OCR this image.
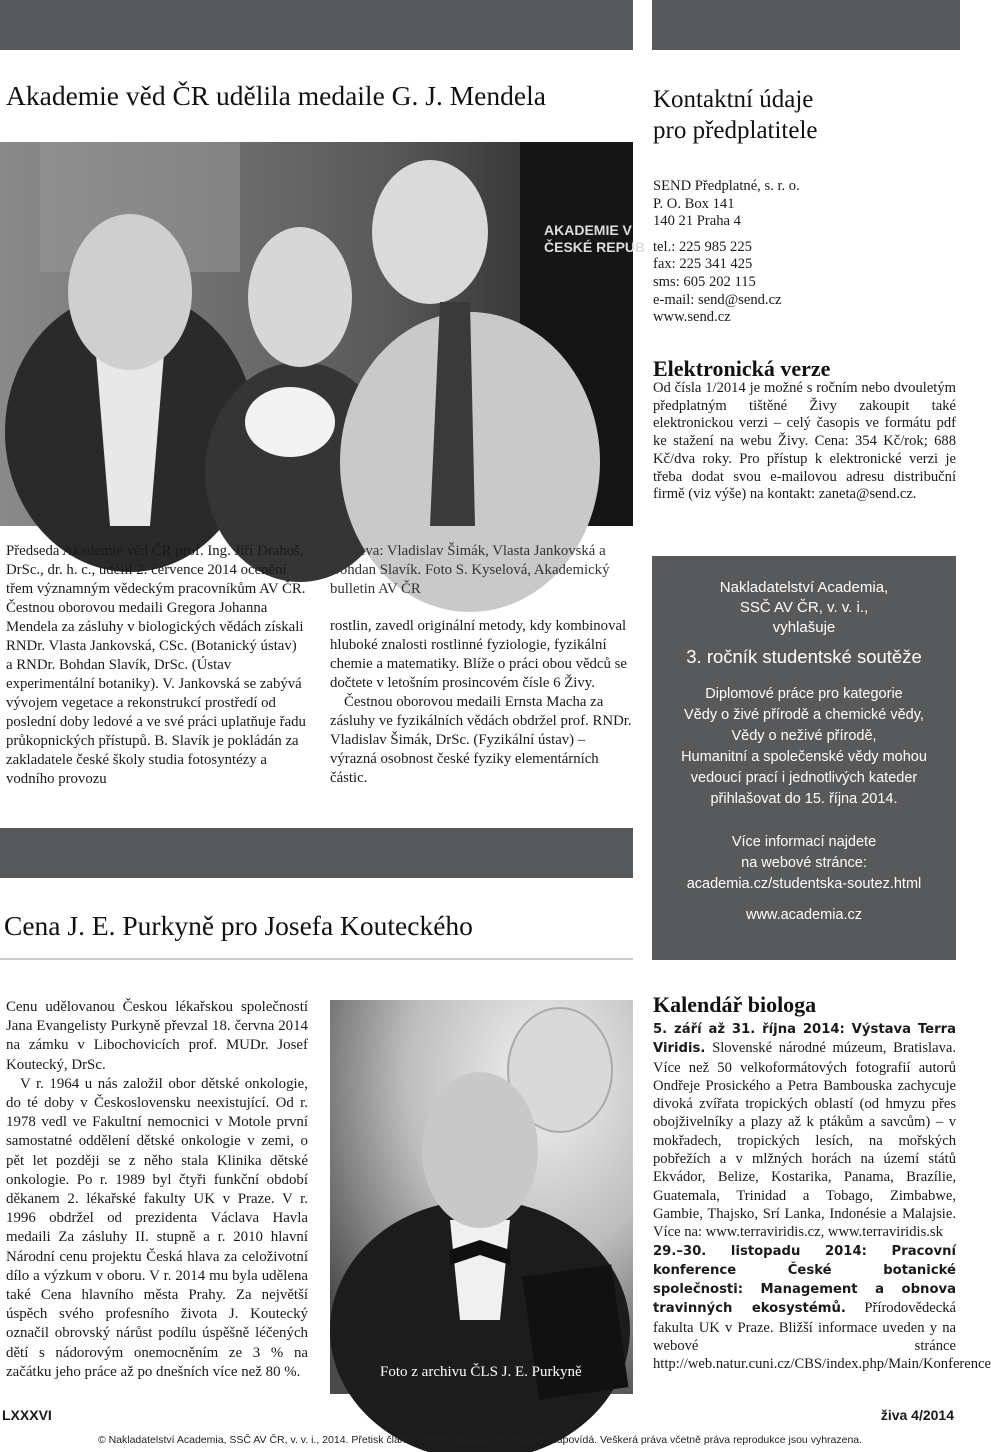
Akademie věd ČR udělila medaile G. J. Mendela
AKADEMIE V
ČESKÉ REPUB
1

Předseda Akademie věd ČR prof. Ing. Jiří Drahoš, DrSc., dr. h. c., udělil 2. července 2014 ocenění třem významným vědeckým pracovníkům AV ČR. Čestnou oborovou medaili Gregora Johanna Mendela za zásluhy v biologických vědách získali RNDr. Vlasta Jankovská, CSc. (Botanický ústav) a RNDr. Bohdan Slavík, DrSc. (Ústav experimentální botaniky). V. Jankovská se zabývá vývojem vegetace a rekonstrukcí prostředí od poslední doby ledové a ve své práci uplatňuje řadu průkopnických přístupů. B. Slavík je pokládán za zakladatele české školy studia fotosyntézy a vodního provozu

1 Zleva: Vladislav Šimák, Vlasta Jankovská a Bohdan Slavík. Foto S. Kyselová, Akademický bulletin AV ČR

rostlin, zavedl originální metody, kdy kombinoval hluboké znalosti rostlinné fyziologie, fyzikální chemie a matematiky. Blíže o práci obou vědců se dočtete v letošním prosincovém čísle 6 Živy.

Čestnou oborovou medaili Ernsta Macha za zásluhy ve fyzikálních vědách obdržel prof. RNDr. Vladislav Šimák, DrSc. (Fyzikální ústav) – výrazná osobnost české fyziky elementárních částic.

Kontaktní údaje
pro předplatitele
SEND Předplatné, s. r. o.
P. O. Box 141
140 21 Praha 4
tel.: 225 985 225
fax: 225 341 425
sms: 605 202 115
e-mail: send@send.cz
www.send.cz
Elektronická verze

Od čísla 1/2014 je možné s ročním nebo dvouletým předplatným tištěné Živy zakoupit také elektronickou verzi – celý časopis ve formátu pdf ke stažení na webu Živy. Cena: 354 Kč/rok; 688 Kč/dva roky. Pro přístup k elektronické verzi je třeba dodat svou e-mailovou adresu distribuční firmě (viz výše) na kontakt: zaneta@send.cz.

Nakladatelství Academia,

SSČ AV ČR, v. v. i.,

vyhlašuje

3. ročník studentské soutěže

Diplomové práce pro kategorie

Vědy o živé přírodě a chemické vědy,

Vědy o neživé přírodě,

Humanitní a společenské vědy mohou

vedoucí prací i jednotlivých kateder

přihlašovat do 15. října 2014.

Více informací najdete

na webové stránce:

academia.cz/studentska-soutez.html

www.academia.cz

Cena J. E. Purkyně pro Josefa Kouteckého

Cenu udělovanou Českou lékařskou společností Jana Evangelisty Purkyně převzal 18. června 2014 na zámku v Libochovicích prof. MUDr. Josef Koutecký, DrSc.

V r. 1964 u nás založil obor dětské onkologie, do té doby v Československu neexistující. Od r. 1978 vedl ve Fakultní nemocnici v Motole první samostatné oddělení dětské onkologie v zemi, o pět let později se z něho stala Klinika dětské onkologie. Po r. 1989 byl čtyři funkční období děkanem 2. lékařské fakulty UK v Praze. V r. 1996 obdržel od prezidenta Václava Havla medaili Za zásluhy II. stupně a r. 2010 hlavní Národní cenu projektu Česká hlava za celoživotní dílo a výzkum v oboru. V r. 2014 mu byla udělena také Cena hlavního města Prahy. Za největší úspěch svého profesního života J. Koutecký označil obrovský nárůst podílu úspěšně léčených dětí s nádorovým onemocněním ze 3 % na začátku jeho práce až po dnešních více než 80 %.	Foto z archivu ČLS J. E. Purkyně
Kalendář biologa

5. září až 31. října 2014: Výstava Terra Viridis. Slovenské národné múzeum, Bratislava. Více než 50 velkoformátových fotografií autorů Ondřeje Prosického a Petra Bambouska zachycuje divoká zvířata tropických oblastí (od hmyzu přes obojživelníky a plazy až k ptákům a savcům) – v mokřadech, tropických lesích, na mořských pobřežích a v mlžných horách na území států Ekvádor, Belize, Kostarika, Panama, Brazílie, Guatemala, Trinidad a Tobago, Zimbabwe, Gambie, Thajsko, Srí Lanka, Indonésie a Malajsie. Více na: www.terraviridis.cz, www.terraviridis.sk

29.–30. listopadu 2014: Pracovní konference České botanické společnosti: Management a obnova travinných ekosystémů. Přírodovědecká fakulta UK v Praze. Bližší informace uveden y na webové stránce http://web.natur.cuni.cz/CBS/index.php/Main/Konference

LXXXVI	živa 4/2014
© Nakladatelství Academia, SSČ AV ČR, v. v. i., 2014. Přetisk článků včetně obrázků se výslovně zapovídá. Veškerá práva včetně práva reprodukce jsou vyhrazena.
